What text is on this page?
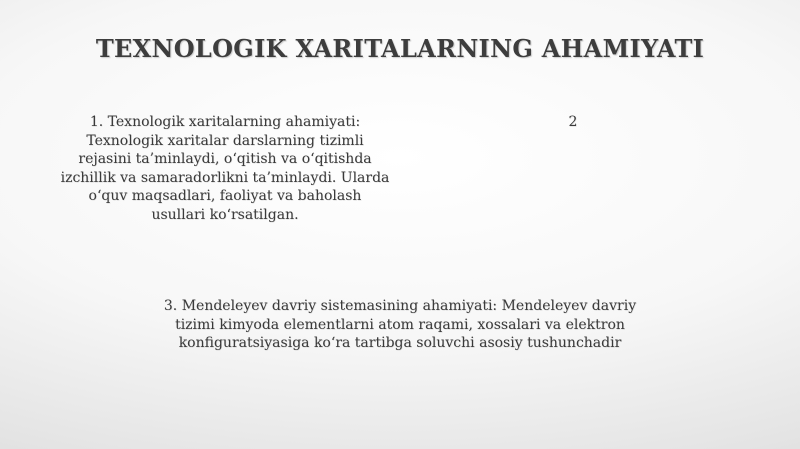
TEXNOLOGIK XARITALARNING AHAMIYATI
1. Texnologik xaritalarning ahamiyati: Texnologik xaritalar darslarning tizimli rejasini ta’minlaydi, o‘qitish va o‘qitishda izchillik va samaradorlikni ta’minlaydi. Ularda o‘quv maqsadlari, faoliyat va baholash usullari ko‘rsatilgan.
2
3. Mendeleyev davriy sistemasining ahamiyati: Mendeleyev davriy tizimi kimyoda elementlarni atom raqami, xossalari va elektron konfiguratsiyasiga ko‘ra tartibga soluvchi asosiy tushunchadir
